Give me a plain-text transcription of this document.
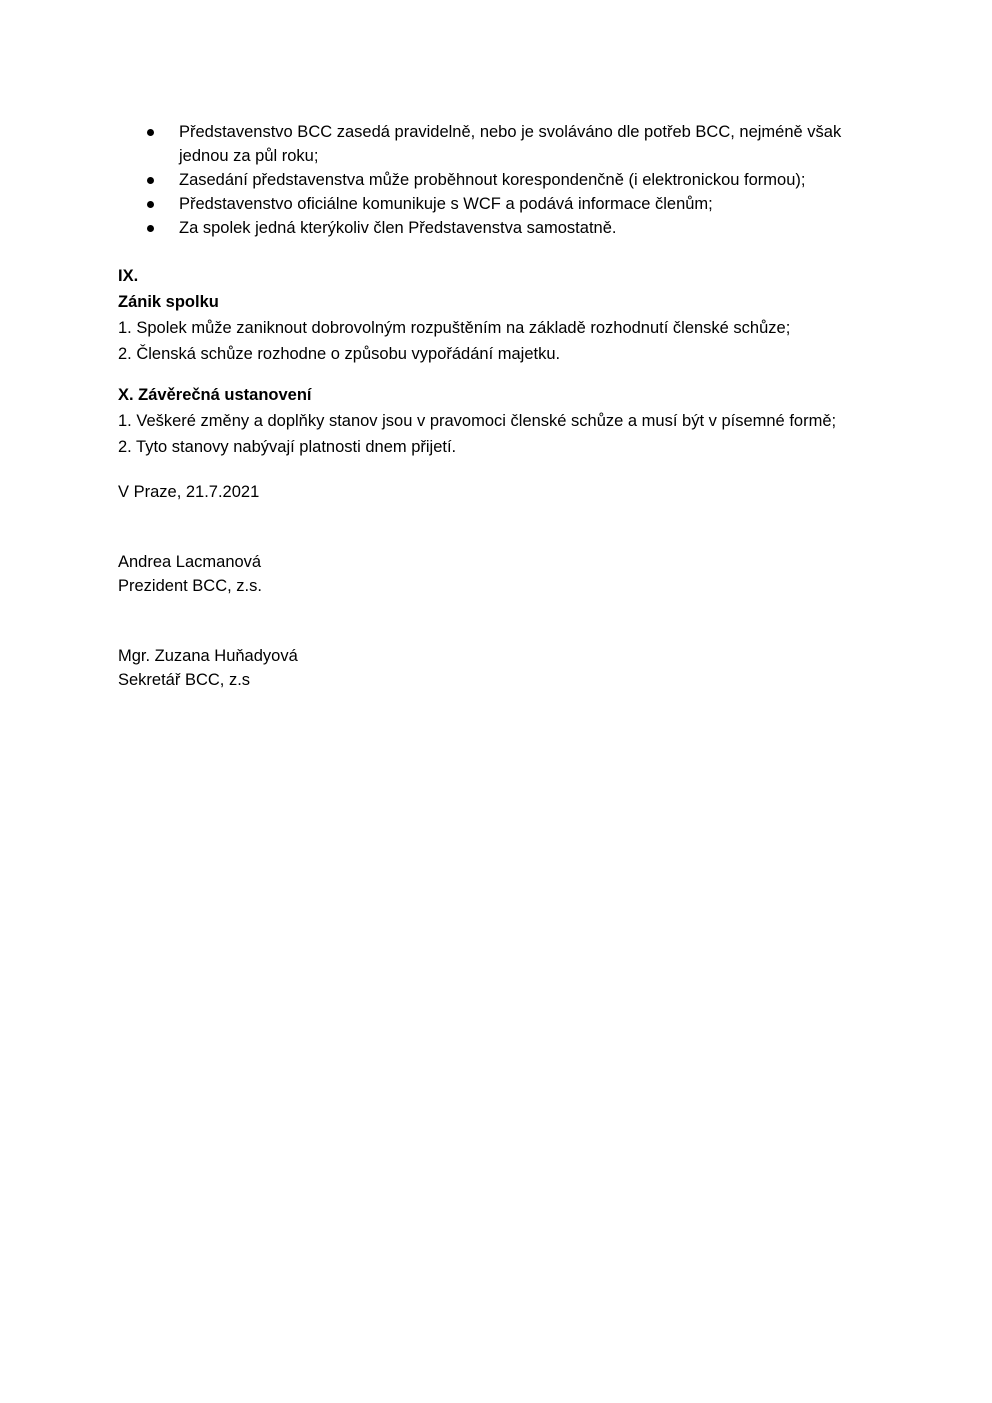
Představenstvo BCC zasedá pravidelně, nebo je svoláváno dle potřeb BCC, nejméně však jednou za půl roku;
Zasedání představenstva může proběhnout korespondenčně (i elektronickou formou);
Představenstvo oficiálne komunikuje s WCF a podává informace členům;
Za spolek jedná kterýkoliv člen Představenstva samostatně.
IX.
Zánik spolku
1. Spolek může zaniknout dobrovolným rozpuštěním na základě rozhodnutí členské schůze;
2. Členská schůze rozhodne o způsobu vypořádání majetku.
X. Závěrečná ustanovení
1. Veškeré změny a doplňky stanov jsou v pravomoci členské schůze a musí být v písemné formě;
2. Tyto stanovy nabývají platnosti dnem přijetí.
V Praze, 21.7.2021
Andrea Lacmanová
Prezident BCC, z.s.
Mgr. Zuzana Huňadyová
Sekretář BCC, z.s
